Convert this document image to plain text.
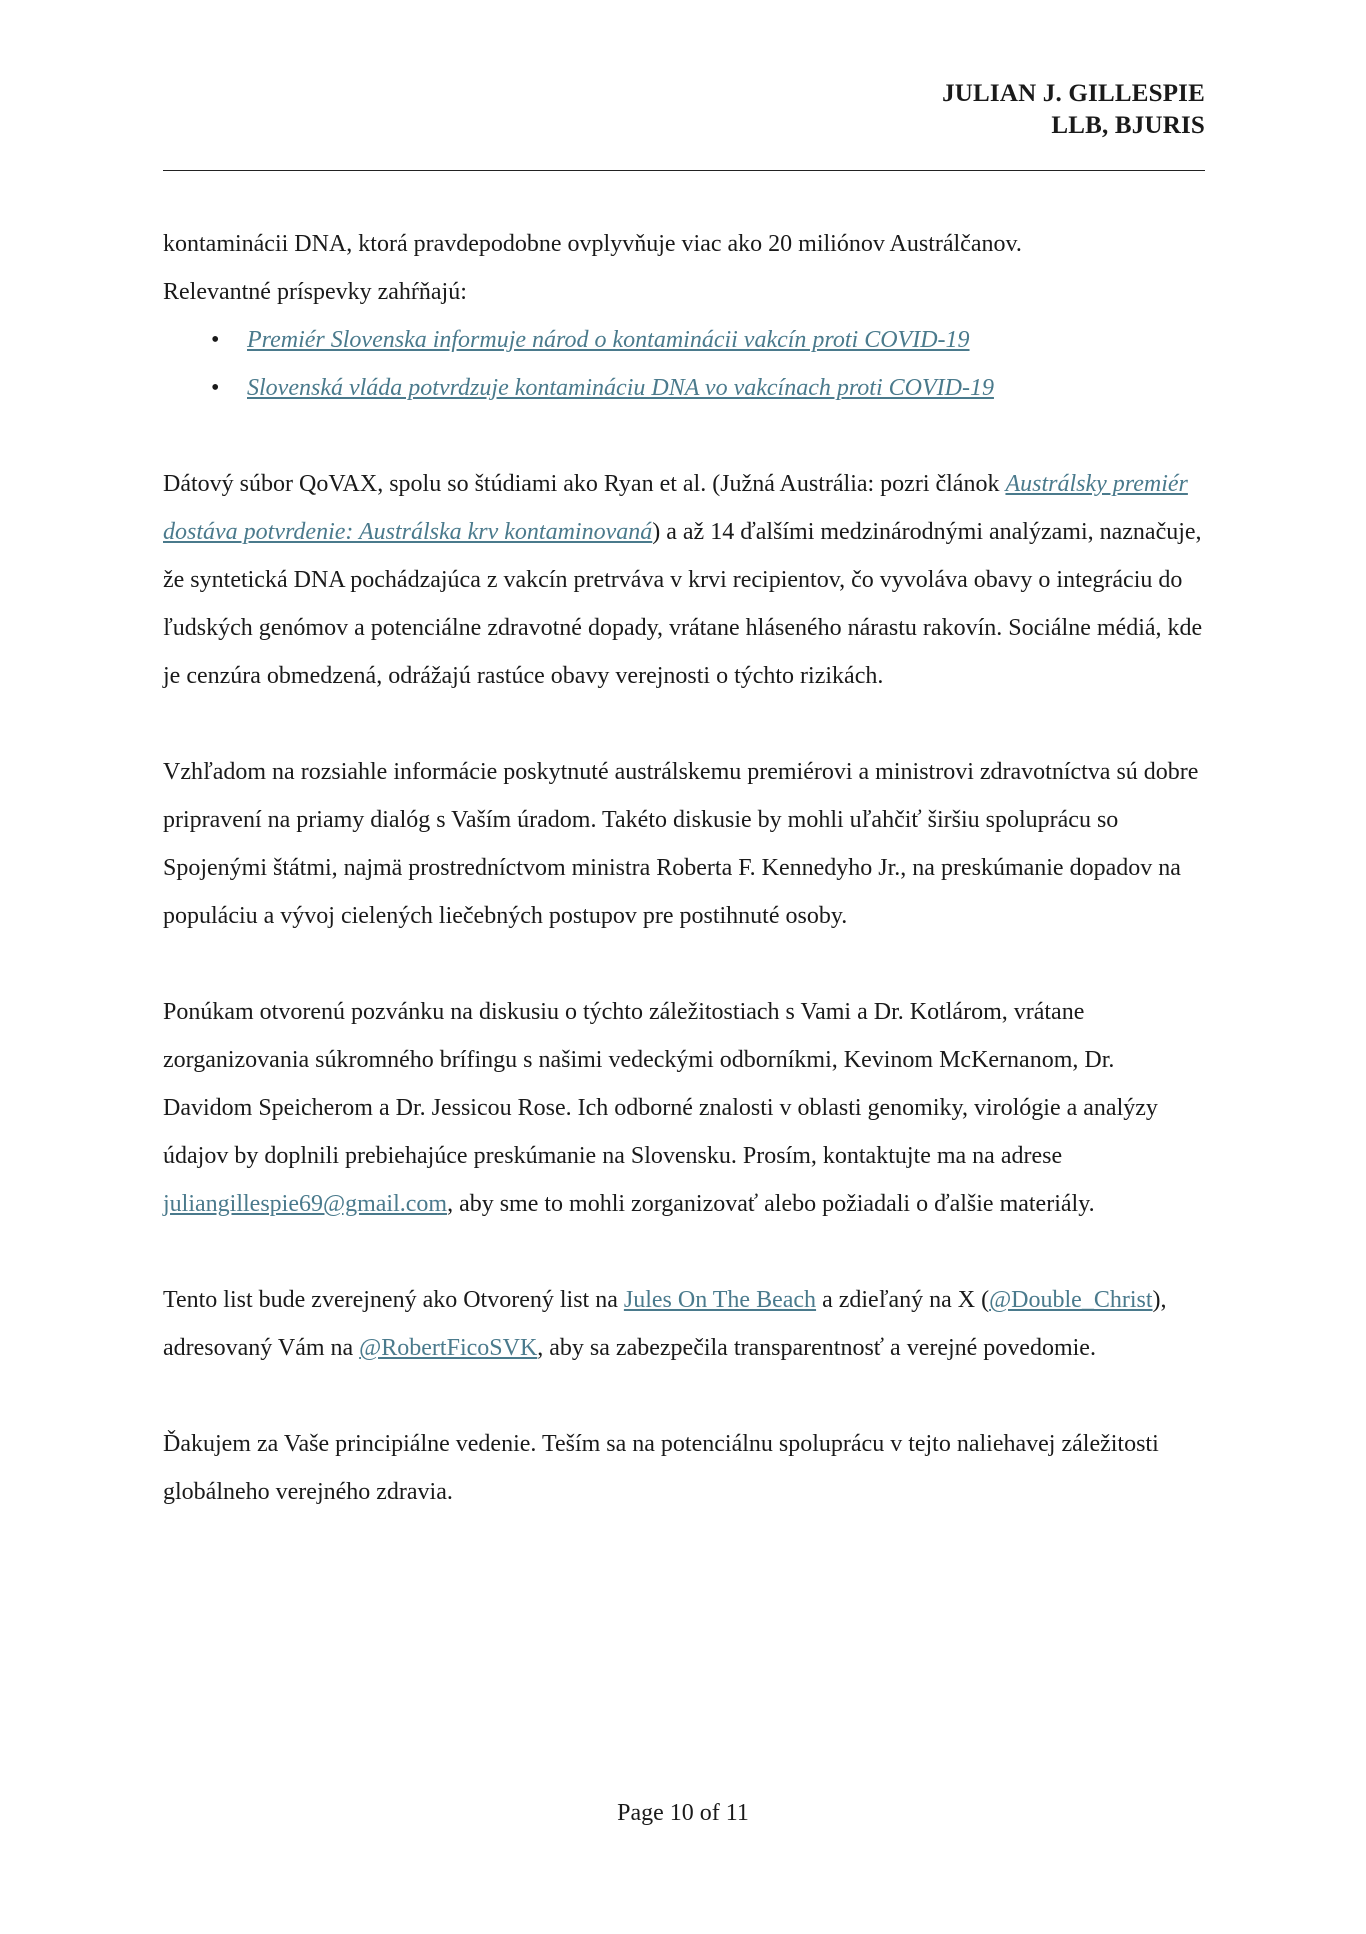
JULIAN J. GILLESPIE
LLB, BJURIS

kontaminácii DNA, ktorá pravdepodobne ovplyvňuje viac ako 20 miliónov Austrálčanov.
Relevantné príspevky zahŕňajú:

• Premiér Slovenska informuje národ o kontaminácii vakcín proti COVID-19
• Slovenská vláda potvrdzuje kontamináciu DNA vo vakcínach proti COVID-19

Dátový súbor QoVAX, spolu so štúdiami ako Ryan et al. (Južná Austrália: pozri článok Austrálsky premiér dostáva potvrdenie: Austrálska krv kontaminovaná) a až 14 ďalšími medzinárodnými analýzami, naznačuje, že syntetická DNA pochádzajúca z vakcín pretrváva v krvi recipientov, čo vyvoláva obavy o integráciu do ľudských genómov a potenciálne zdravotné dopady, vrátane hláseného nárastu rakovín. Sociálne médiá, kde je cenzúra obmedzená, odrážajú rastúce obavy verejnosti o týchto rizikách.

Vzhľadom na rozsiahle informácie poskytnuté austrálskemu premiérovi a ministrovi zdravotníctva sú dobre pripravení na priamy dialóg s Vaším úradom. Takéto diskusie by mohli uľahčiť širšiu spoluprácu so Spojenými štátmi, najmä prostredníctvom ministra Roberta F. Kennedyho Jr., na preskúmanie dopadov na populáciu a vývoj cielených liečebných postupov pre postihnuté osoby.

Ponúkam otvorenú pozvánku na diskusiu o týchto záležitostiach s Vami a Dr. Kotlárom, vrátane zorganizovania súkromného brífingu s našimi vedeckými odborníkmi, Kevinom McKernanom, Dr. Davidom Speicherom a Dr. Jessicou Rose. Ich odborné znalosti v oblasti genomiky, virológie a analýzy údajov by doplnili prebiehajúce preskúmanie na Slovensku. Prosím, kontaktujte ma na adrese juliangillespie69@gmail.com, aby sme to mohli zorganizovať alebo požiadali o ďalšie materiály.

Tento list bude zverejnený ako Otvorený list na Jules On The Beach a zdieľaný na X (@Double_Christ), adresovaný Vám na @RobertFicoSVK, aby sa zabezpečila transparentnosť a verejné povedomie.

Ďakujem za Vaše principiálne vedenie. Teším sa na potenciálnu spoluprácu v tejto naliehavej záležitosti globálneho verejného zdravia.

Page 10 of 11
